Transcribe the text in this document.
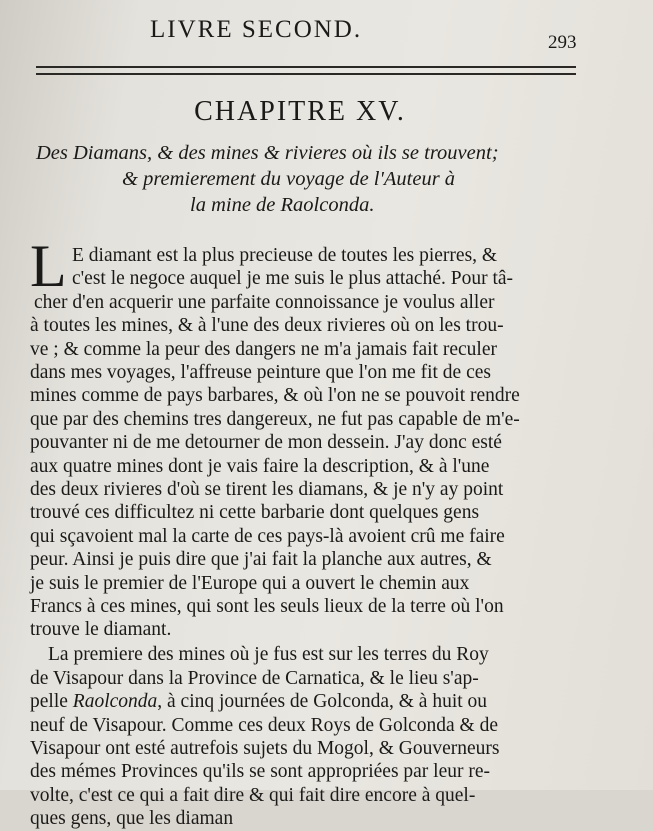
LIVRE SECOND.	293
CHAPITRE XV.
Des Diamans, & des mines & rivieres où ils se trouvent;
& premierement du voyage de l'Auteur à
la mine de Raolconda.
L E diamant est la plus precieuse de toutes les pierres, &
c'est le negoce auquel je me suis le plus attaché. Pour tâ-
cher d'en acquerir une parfaite connoissance je voulus aller
à toutes les mines, & à l'une des deux rivieres où on les trou-
ve ; & comme la peur des dangers ne m'a jamais fait reculer
dans mes voyages, l'affreuse peinture que l'on me fit de ces
mines comme de pays barbares, & où l'on ne se pouvoit rendre
que par des chemins tres dangereux, ne fut pas capable de m'e-
pouvanter ni de me detourner de mon dessein. J'ay donc esté
aux quatre mines dont je vais faire la description, & à l'une
des deux rivieres d'où se tirent les diamans, & je n'y ay point
trouvé ces difficultez ni cette barbarie dont quelques gens
qui sçavoient mal la carte de ces pays-là avoient crû me faire
peur. Ainsi je puis dire que j'ai fait la planche aux autres, &
je suis le premier de l'Europe qui a ouvert le chemin aux
Francs à ces mines, qui sont les seuls lieux de la terre où l'on
trouve le diamant.
La premiere des mines où je fus est sur les terres du Roy
de Visapour dans la Province de Carnatica, & le lieu s'ap-
pelle Raolconda, à cinq journées de Golconda, & à huit ou
neuf de Visapour. Comme ces deux Roys de Golconda & de
Visapour ont esté autrefois sujets du Mogol, & Gouverneurs
des mémes Provinces qu'ils se sont appropriées par leur re-
volte, c'est ce qui a fait dire & qui fait dire encore à quel-
ques gens, que les diaman
